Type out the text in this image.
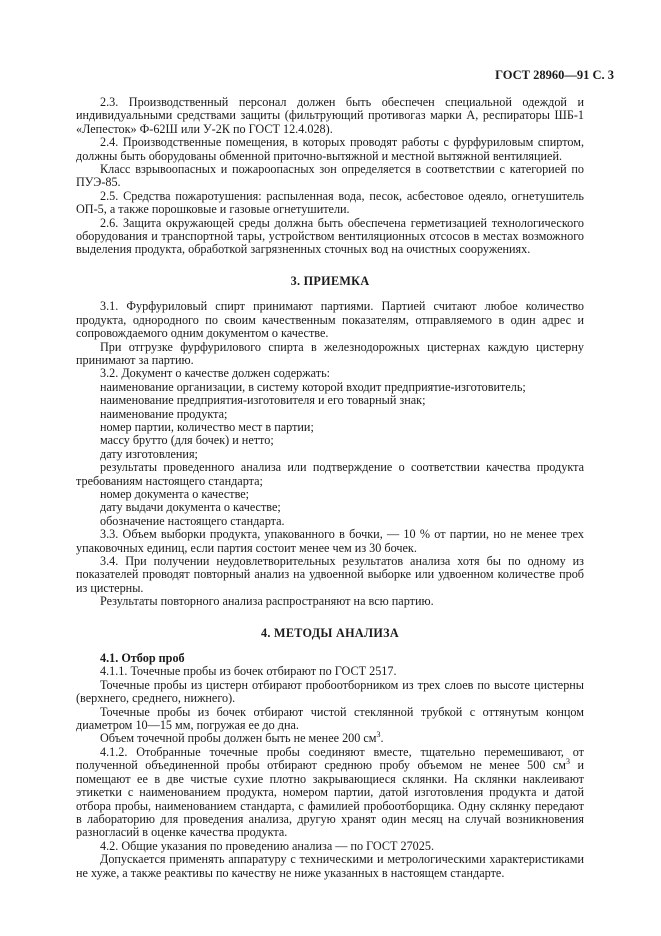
ГОСТ 28960—91 С. 3

2.3. Производственный персонал должен быть обеспечен специальной одеждой и индивидуальными средствами защиты (фильтрующий противогаз марки А, респираторы ШБ-1 «Лепесток» Ф-62Ш или У-2К по ГОСТ 12.4.028).

2.4. Производственные помещения, в которых проводят работы с фурфуриловым спиртом, должны быть оборудованы обменной приточно-вытяжной и местной вытяжной вентиляцией.

Класс взрывоопасных и пожароопасных зон определяется в соответствии с категорией по ПУЭ-85.

2.5. Средства пожаротушения: распыленная вода, песок, асбестовое одеяло, огнетушитель ОП-5, а также порошковые и газовые огнетушители.

2.6. Защита окружающей среды должна быть обеспечена герметизацией технологического оборудования и транспортной тары, устройством вентиляционных отсосов в местах возможного выделения продукта, обработкой загрязненных сточных вод на очистных сооружениях.

3. ПРИЕМКА

3.1. Фурфуриловый спирт принимают партиями. Партией считают любое количество продукта, однородного по своим качественным показателям, отправляемого в один адрес и сопровождаемого одним документом о качестве.

При отгрузке фурфурилового спирта в железнодорожных цистернах каждую цистерну принимают за партию.

3.2. Документ о качестве должен содержать:

наименование организации, в систему которой входит предприятие-изготовитель;

наименование предприятия-изготовителя и его товарный знак;

наименование продукта;

номер партии, количество мест в партии;

массу брутто (для бочек) и нетто;

дату изготовления;

результаты проведенного анализа или подтверждение о соответствии качества продукта требованиям настоящего стандарта;

номер документа о качестве;

дату выдачи документа о качестве;

обозначение настоящего стандарта.

3.3. Объем выборки продукта, упакованного в бочки, — 10 % от партии, но не менее трех упаковочных единиц, если партия состоит менее чем из 30 бочек.

3.4. При получении неудовлетворительных результатов анализа хотя бы по одному из показателей проводят повторный анализ на удвоенной выборке или удвоенном количестве проб из цистерны.

Результаты повторного анализа распространяют на всю партию.

4. МЕТОДЫ АНАЛИЗА

4.1. Отбор проб

4.1.1. Точечные пробы из бочек отбирают по ГОСТ 2517.

Точечные пробы из цистерн отбирают пробоотборником из трех слоев по высоте цистерны (верхнего, среднего, нижнего).

Точечные пробы из бочек отбирают чистой стеклянной трубкой с оттянутым концом диаметром 10—15 мм, погружая ее до дна.

Объем точечной пробы должен быть не менее 200 $см^3$.

4.1.2. Отобранные точечные пробы соединяют вместе, тщательно перемешивают, от полученной объединенной пробы отбирают среднюю пробу объемом не менее 500 $см^3$ и помещают ее в две чистые сухие плотно закрывающиеся склянки. На склянки наклеивают этикетки с наименованием продукта, номером партии, датой изготовления продукта и датой отбора пробы, наименованием стандарта, с фамилией пробоотборщика. Одну склянку передают в лабораторию для проведения анализа, другую хранят один месяц на случай возникновения разногласий в оценке качества продукта.

4.2. Общие указания по проведению анализа — по ГОСТ 27025.

Допускается применять аппаратуру с техническими и метрологическими характеристиками не хуже, а также реактивы по качеству не ниже указанных в настоящем стандарте.
